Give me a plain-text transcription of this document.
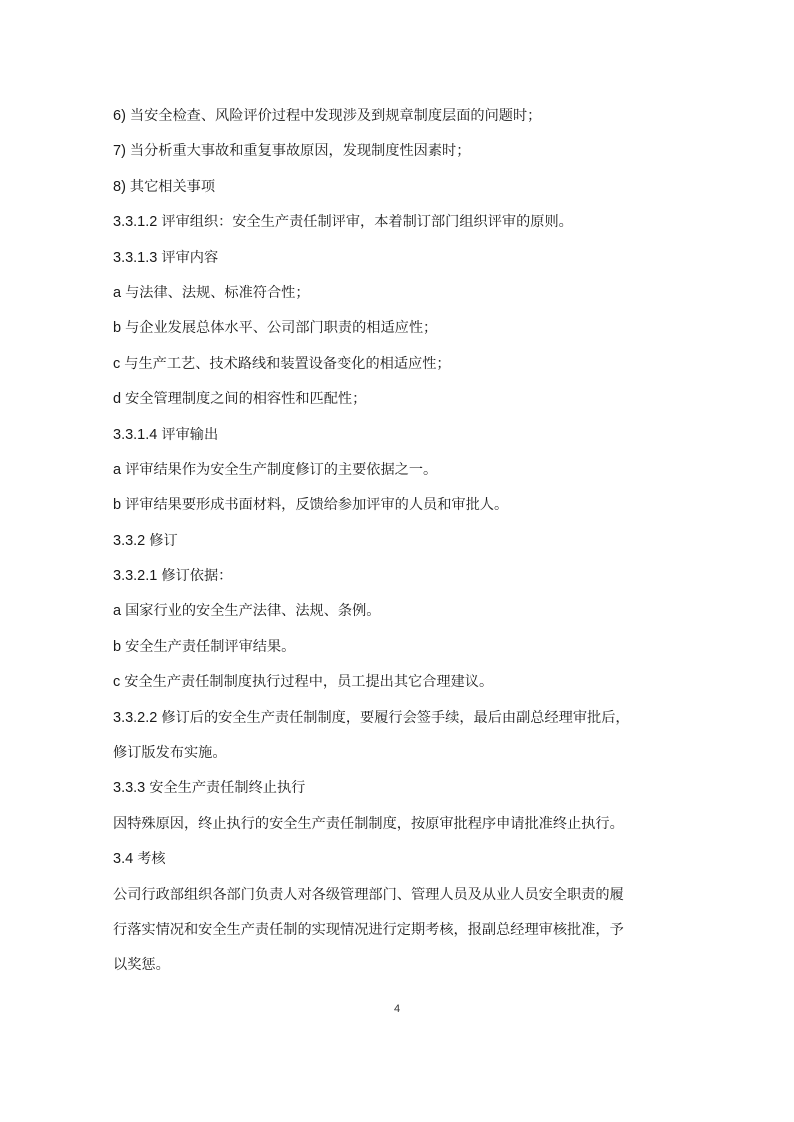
6) 当安全检查、风险评价过程中发现涉及到规章制度层面的问题时；
7) 当分析重大事故和重复事故原因，发现制度性因素时；
8) 其它相关事项
3.3.1.2 评审组织：安全生产责任制评审，本着制订部门组织评审的原则。
3.3.1.3 评审内容
a 与法律、法规、标准符合性；
b 与企业发展总体水平、公司部门职责的相适应性；
c 与生产工艺、技术路线和装置设备变化的相适应性；
d 安全管理制度之间的相容性和匹配性；
3.3.1.4 评审输出
a 评审结果作为安全生产制度修订的主要依据之一。
b 评审结果要形成书面材料，反馈给参加评审的人员和审批人。
3.3.2 修订
3.3.2.1 修订依据：
a 国家行业的安全生产法律、法规、条例。
b 安全生产责任制评审结果。
c 安全生产责任制制度执行过程中，员工提出其它合理建议。
3.3.2.2 修订后的安全生产责任制制度，要履行会签手续，最后由副总经理审批后，
修订版发布实施。
3.3.3 安全生产责任制终止执行
因特殊原因，终止执行的安全生产责任制制度，按原审批程序申请批准终止执行。
3.4 考核
公司行政部组织各部门负责人对各级管理部门、管理人员及从业人员安全职责的履
行落实情况和安全生产责任制的实现情况进行定期考核，报副总经理审核批准，予
以奖惩。
4
